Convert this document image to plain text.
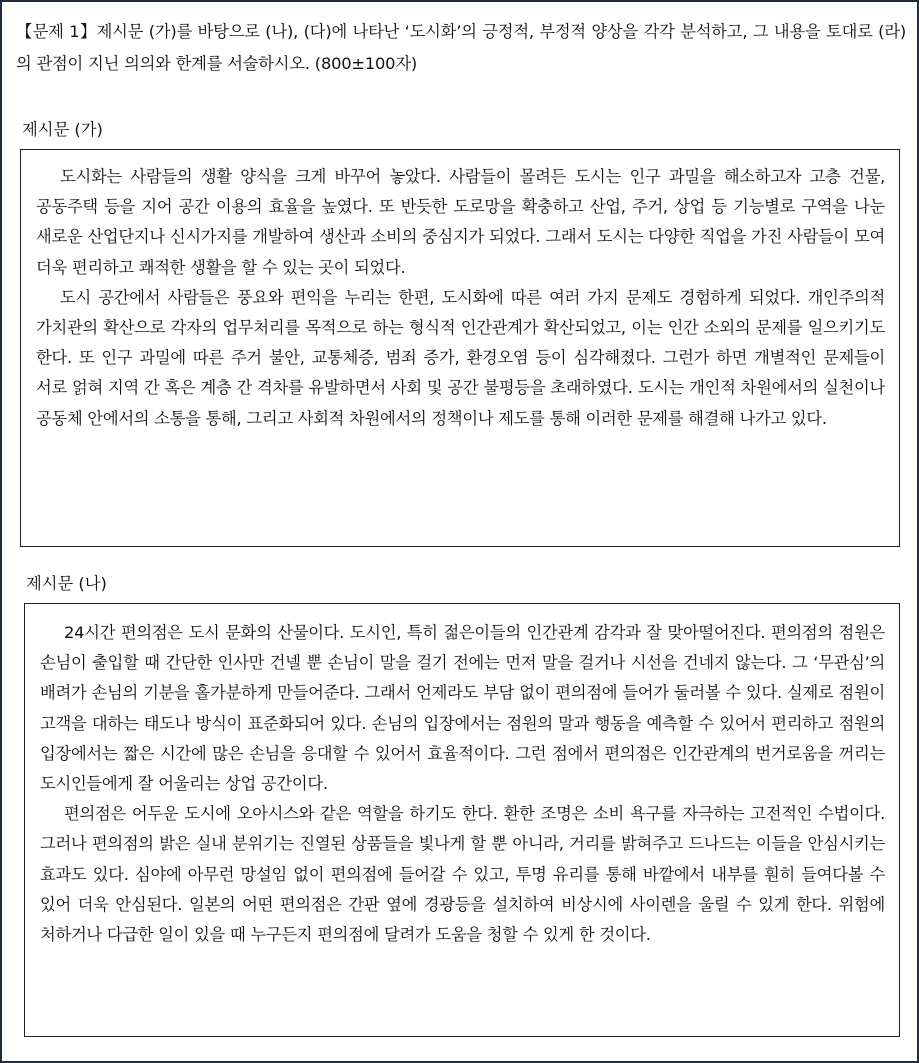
【문제 1】제시문 (가)를 바탕으로 (나), (다)에 나타난 ‘도시화’의 긍정적, 부정적 양상을 각각 분석하고, 그 내용을 토대로 (라)의 관점이 지닌 의의와 한계를 서술하시오. (800±100자)
제시문 (가)

도시화는 사람들의 생활 양식을 크게 바꾸어 놓았다. 사람들이 몰려든 도시는 인구 과밀을 해소하고자 고층 건물, 공동주택 등을 지어 공간 이용의 효율을 높였다. 또 반듯한 도로망을 확충하고 산업, 주거, 상업 등 기능별로 구역을 나눈 새로운 산업단지나 신시가지를 개발하여 생산과 소비의 중심지가 되었다. 그래서 도시는 다양한 직업을 가진 사람들이 모여 더욱 편리하고 쾌적한 생활을 할 수 있는 곳이 되었다.

도시 공간에서 사람들은 풍요와 편익을 누리는 한편, 도시화에 따른 여러 가지 문제도 경험하게 되었다. 개인주의적 가치관의 확산으로 각자의 업무처리를 목적으로 하는 형식적 인간관계가 확산되었고, 이는 인간 소외의 문제를 일으키기도 한다. 또 인구 과밀에 따른 주거 불안, 교통체증, 범죄 증가, 환경오염 등이 심각해졌다. 그런가 하면 개별적인 문제들이 서로 얽혀 지역 간 혹은 계층 간 격차를 유발하면서 사회 및 공간 불평등을 초래하였다. 도시는 개인적 차원에서의 실천이나 공동체 안에서의 소통을 통해, 그리고 사회적 차원에서의 정책이나 제도를 통해 이러한 문제를 해결해 나가고 있다.

제시문 (나)

24시간 편의점은 도시 문화의 산물이다. 도시인, 특히 젊은이들의 인간관계 감각과 잘 맞아떨어진다. 편의점의 점원은 손님이 출입할 때 간단한 인사만 건넬 뿐 손님이 말을 걸기 전에는 먼저 말을 걸거나 시선을 건네지 않는다. 그 ‘무관심’의 배려가 손님의 기분을 홀가분하게 만들어준다. 그래서 언제라도 부담 없이 편의점에 들어가 둘러볼 수 있다. 실제로 점원이 고객을 대하는 태도나 방식이 표준화되어 있다. 손님의 입장에서는 점원의 말과 행동을 예측할 수 있어서 편리하고 점원의 입장에서는 짧은 시간에 많은 손님을 응대할 수 있어서 효율적이다. 그런 점에서 편의점은 인간관계의 번거로움을 꺼리는 도시인들에게 잘 어울리는 상업 공간이다.

편의점은 어두운 도시에 오아시스와 같은 역할을 하기도 한다. 환한 조명은 소비 욕구를 자극하는 고전적인 수법이다. 그러나 편의점의 밝은 실내 분위기는 진열된 상품들을 빛나게 할 뿐 아니라, 거리를 밝혀주고 드나드는 이들을 안심시키는 효과도 있다. 심야에 아무런 망설임 없이 편의점에 들어갈 수 있고, 투명 유리를 통해 바깥에서 내부를 훤히 들여다볼 수 있어 더욱 안심된다. 일본의 어떤 편의점은 간판 옆에 경광등을 설치하여 비상시에 사이렌을 울릴 수 있게 한다. 위험에 처하거나 다급한 일이 있을 때 누구든지 편의점에 달려가 도움을 청할 수 있게 한 것이다.
